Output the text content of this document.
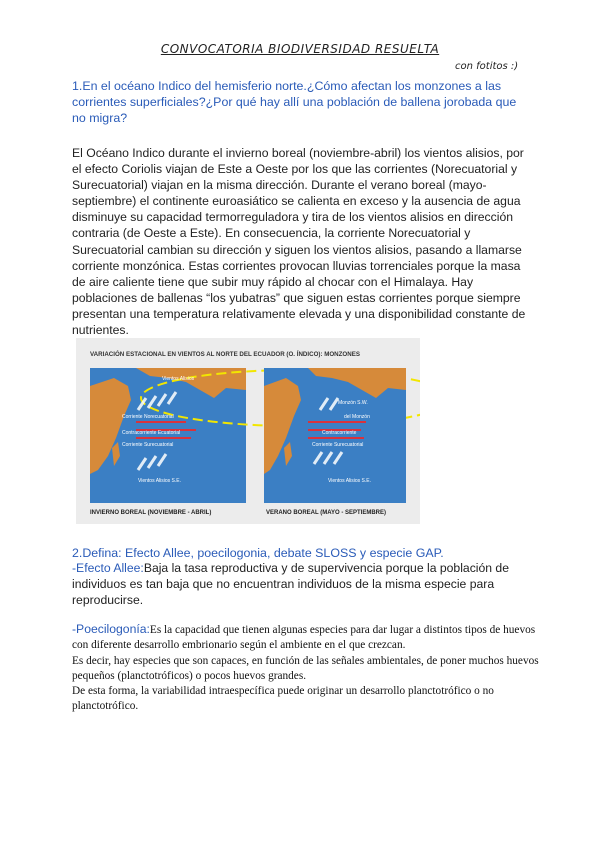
CONVOCATORIA BIODIVERSIDAD RESUELTA
con fotitos :)
1.En el océano Indico del hemisferio norte.¿Cómo afectan los monzones a las corrientes superficiales?¿Por qué hay allí una población de ballena jorobada que no migra?
El Océano Indico durante el invierno boreal (noviembre-abril) los vientos alisios, por el efecto Coriolis viajan de Este a Oeste por los que las corrientes (Norecuatorial y Surecuatorial) viajan en la misma dirección. Durante el verano boreal (mayo-septiembre) el continente euroasiático se calienta en exceso y la ausencia de agua disminuye su capacidad termorreguladora y tira de los vientos alisios en dirección contraria (de Oeste a Este). En consecuencia, la corriente Norecuatorial y Surecuatorial cambian su dirección y siguen los vientos alisios, pasando a llamarse corriente monzónica. Estas corrientes provocan lluvias torrenciales porque la masa de aire caliente tiene que subir muy rápido al chocar con el Himalaya. Hay poblaciones de ballenas “los yubatras” que siguen estas corrientes porque siempre presentan una temperatura relativamente elevada y una disponibilidad constante de nutrientes.
VARIACIÓN ESTACIONAL EN VIENTOS AL NORTE DEL ECUADOR (O. ÍNDICO): MONZONES
Corriente Norecuatorial
Contracorriente Ecuatorial
Corriente Surecuatorial
Vientos Alisios S.E.
Vientos Alisios
INVIERNO BOREAL (NOVIEMBRE - ABRIL)
Monzón S.W.
del Monzón
Contracorriente
Corriente Surecuatorial
Vientos Alisios S.E.
VERANO BOREAL (MAYO - SEPTIEMBRE)
2.Defina: Efecto Allee, poecilogonia, debate SLOSS y especie GAP.
-Efecto Allee:Baja la tasa reproductiva y de supervivencia porque la población de individuos es tan baja que no encuentran individuos de la misma especie para reproducirse.
-Poecilogonía:Es la capacidad que tienen algunas especies para dar lugar a distintos tipos de huevos con diferente desarrollo embrionario según el ambiente en el que crezcan.
Es decir, hay especies que son capaces, en función de las señales ambientales, de poner muchos huevos pequeños (planctotróficos) o pocos huevos grandes.
De esta forma, la variabilidad intraespecífica puede originar un desarrollo planctotrófico o no planctotrófico.
